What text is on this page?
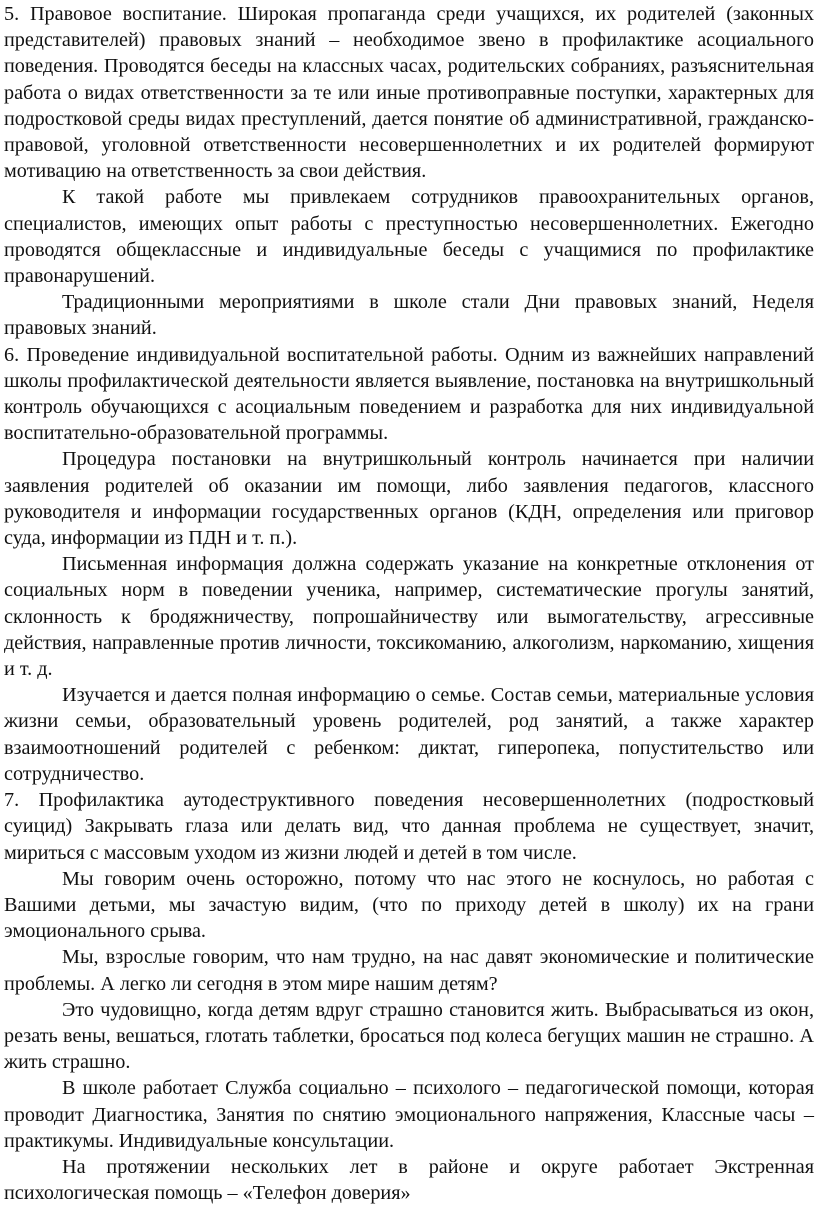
5. Правовое воспитание. Широкая пропаганда среди учащихся, их родителей (законных представителей) правовых знаний – необходимое звено в профилактике асоциального поведения. Проводятся беседы на классных часах, родительских собраниях, разъяснительная работа о видах ответственности за те или иные противоправные поступки, характерных для подростковой среды видах преступлений, дается понятие об административной, гражданско-правовой, уголовной ответственности несовершеннолетних и их родителей формируют мотивацию на ответственность за свои действия.

К такой работе мы привлекаем сотрудников правоохранительных органов, специалистов, имеющих опыт работы с преступностью несовершеннолетних. Ежегодно проводятся общеклассные и индивидуальные беседы с учащимися по профилактике правонарушений.

Традиционными мероприятиями в школе стали Дни правовых знаний, Неделя правовых знаний.

6. Проведение индивидуальной воспитательной работы. Одним из важнейших направлений школы профилактической деятельности является выявление, постановка на внутришкольный контроль обучающихся с асоциальным поведением и разработка для них индивидуальной воспитательно-образовательной программы.

Процедура постановки на внутришкольный контроль начинается при наличии заявления родителей об оказании им помощи, либо заявления педагогов, классного руководителя и информации государственных органов (КДН, определения или приговор суда, информации из ПДН и т. п.).

Письменная информация должна содержать указание на конкретные отклонения от социальных норм в поведении ученика, например, систематические прогулы занятий, склонность к бродяжничеству, попрошайничеству или вымогательству, агрессивные действия, направленные против личности, токсикоманию, алкоголизм, наркоманию, хищения и т. д.

Изучается и дается полная информацию о семье. Состав семьи, материальные условия жизни семьи, образовательный уровень родителей, род занятий, а также характер взаимоотношений родителей с ребенком: диктат, гиперопека, попустительство или сотрудничество.

7. Профилактика аутодеструктивного поведения несовершеннолетних (подростковый суицид) Закрывать глаза или делать вид, что данная проблема не существует, значит, мириться с массовым уходом из жизни людей и детей в том числе.

Мы говорим очень осторожно, потому что нас этого не коснулось, но работая с Вашими детьми, мы зачастую видим, (что по приходу детей в школу) их на грани эмоционального срыва.

Мы, взрослые говорим, что нам трудно, на нас давят экономические и политические проблемы. А легко ли сегодня в этом мире нашим детям?

Это чудовищно, когда детям вдруг страшно становится жить. Выбрасываться из окон, резать вены, вешаться, глотать таблетки, бросаться под колеса бегущих машин не страшно. А жить страшно.

В школе работает Служба социально – психолого – педагогической помощи, которая проводит Диагностика, Занятия по снятию эмоционального напряжения, Классные часы – практикумы. Индивидуальные консультации.

На протяжении нескольких лет в районе и округе работает Экстренная психологическая помощь – «Телефон доверия»
